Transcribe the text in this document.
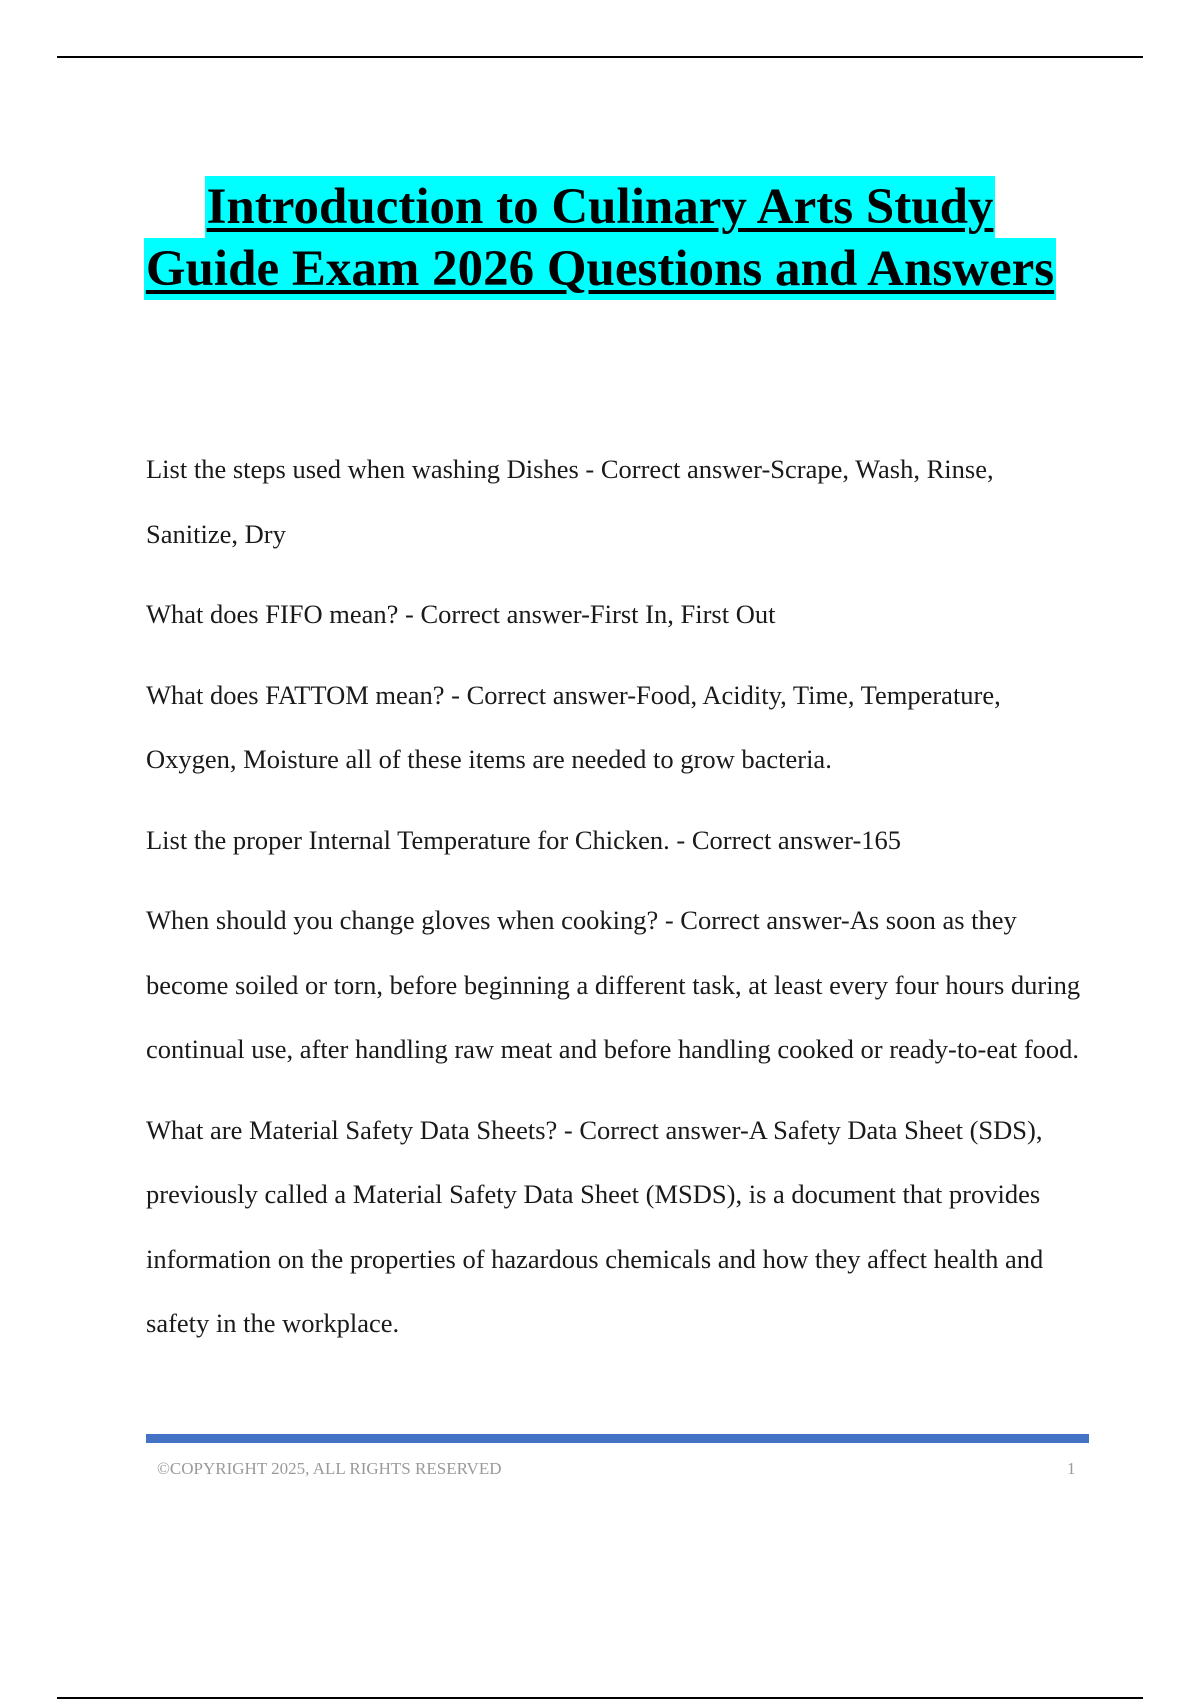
Introduction to Culinary Arts Study
Guide Exam 2026 Questions and Answers

List the steps used when washing Dishes - Correct answer-Scrape, Wash, Rinse, Sanitize, Dry

What does FIFO mean? - Correct answer-First In, First Out

What does FATTOM mean? - Correct answer-Food, Acidity, Time, Temperature, Oxygen, Moisture all of these items are needed to grow bacteria.

List the proper Internal Temperature for Chicken. - Correct answer-165

When should you change gloves when cooking? - Correct answer-As soon as they become soiled or torn, before beginning a different task, at least every four hours during continual use, after handling raw meat and before handling cooked or ready-to-eat food.

What are Material Safety Data Sheets? - Correct answer-A Safety Data Sheet (SDS), previously called a Material Safety Data Sheet (MSDS), is a document that provides information on the properties of hazardous chemicals and how they affect health and safety in the workplace.

©COPYRIGHT 2025, ALL RIGHTS RESERVED	1
